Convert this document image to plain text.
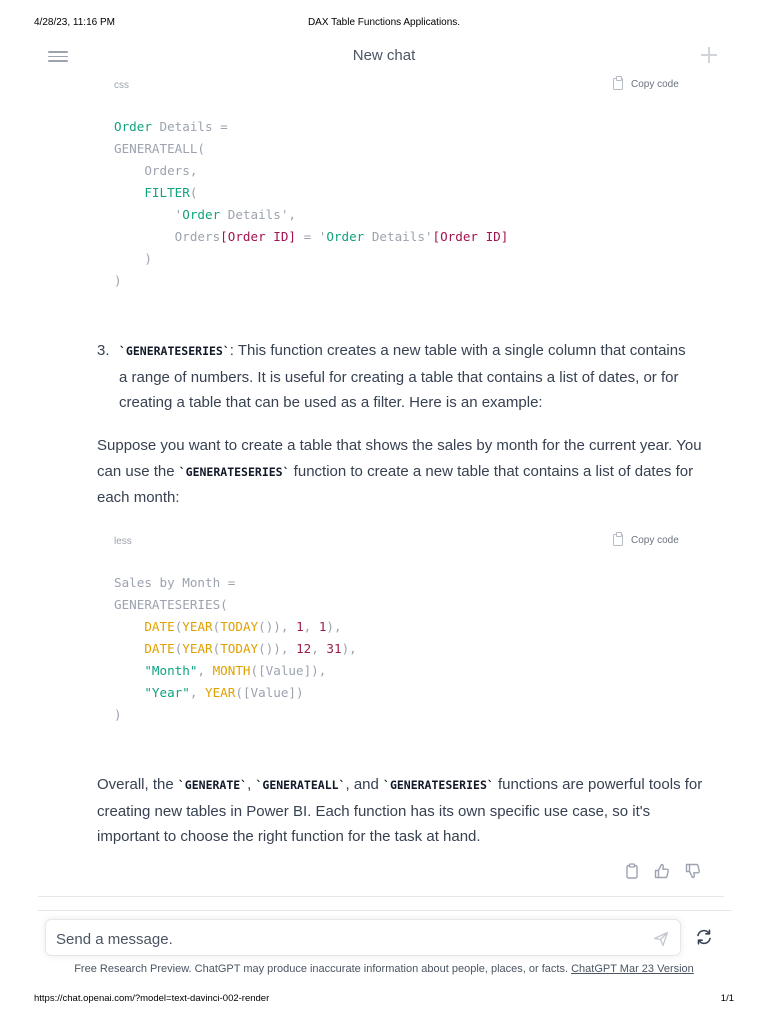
4/28/23, 11:16 PM	DAX Table Functions Applications.
New chat
css	Copy code
Order Details =
GENERATEALL(
Orders,
FILTER(
'Order Details',
Orders[Order ID] = 'Order Details'[Order ID]
)
)
3. `GENERATESERIES`: This function creates a new table with a single column that contains a range of numbers. It is useful for creating a table that contains a list of dates, or for creating a table that can be used as a filter. Here is an example:

Suppose you want to create a table that shows the sales by month for the current year. You can use the `GENERATESERIES` function to create a new table that contains a list of dates for each month:

less	Copy code
Sales by Month =
GENERATESERIES(
DATE(YEAR(TODAY()), 1, 1),
DATE(YEAR(TODAY()), 12, 31),
"Month", MONTH([Value]),
"Year", YEAR([Value])
)

Overall, the `GENERATE`, `GENERATEALL`, and `GENERATESERIES` functions are powerful tools for creating new tables in Power BI. Each function has its own specific use case, so it's important to choose the right function for the task at hand.

Send a message.
Free Research Preview. ChatGPT may produce inaccurate information about people, places, or facts. ChatGPT Mar 23 Version
https://chat.openai.com/?model=text-davinci-002-render	1/1
